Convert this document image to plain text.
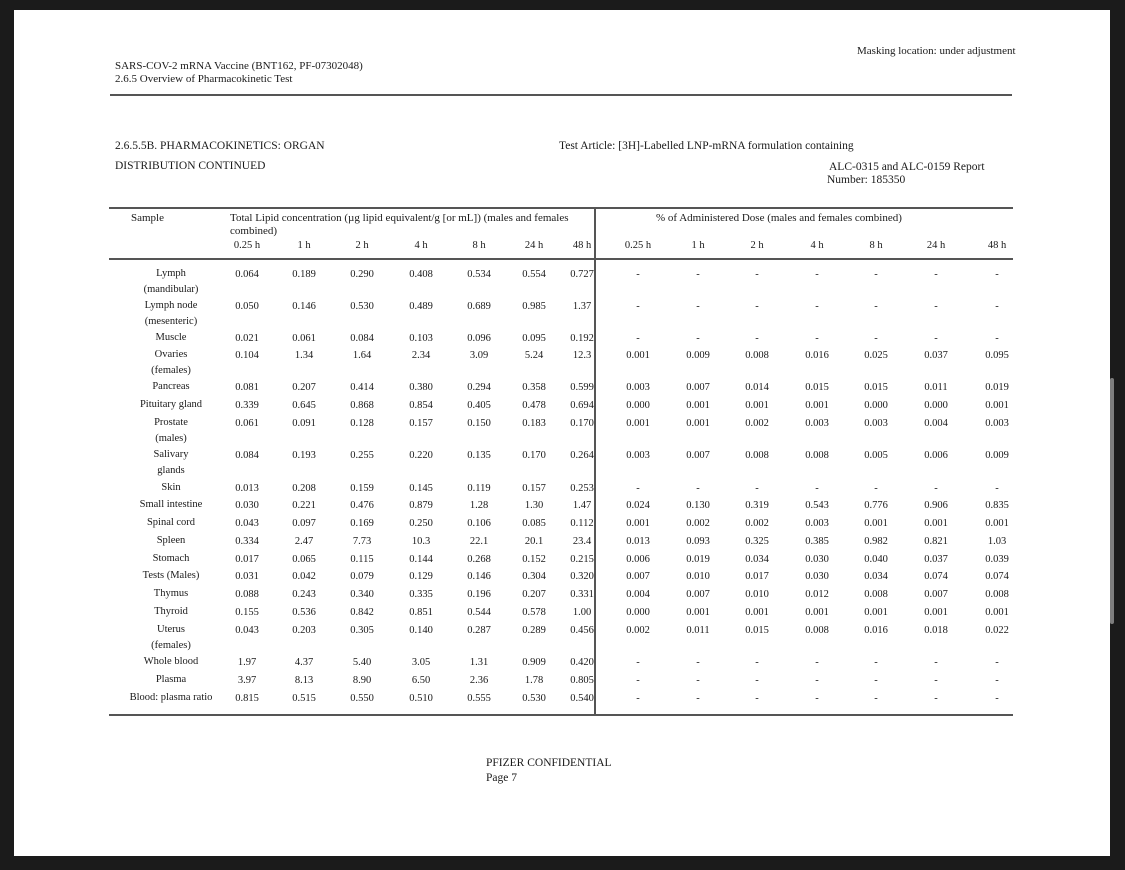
Masking location: under adjustment
SARS-COV-2 mRNA Vaccine (BNT162, PF-07302048)
2.6.5 Overview of Pharmacokinetic Test
2.6.5.5B. PHARMACOKINETICS: ORGAN
DISTRIBUTION CONTINUED
Test Article: [3H]-Labelled LNP-mRNA formulation containing
ALC-0315 and ALC-0159 Report
Number: 185350
Sample	Total Lipid concentration (µg lipid equivalent/g [or mL]) (males and females combined)
% of Administered Dose (males and females combined)
0.25 h	1 h	2 h	4 h	8 h	24 h	48 h	0.25 h	1 h	2 h	4 h	8 h	24 h	48 h
Lymph
(mandibular)
0.064	0.189	0.290	0.408	0.534	0.554	0.727	-	-	-	-	-	-	-
Lymph node
(mesenteric)
0.050	0.146	0.530	0.489	0.689	0.985	1.37	-	-	-	-	-	-	-
Muscle	0.021	0.061	0.084	0.103	0.096	0.095	0.192	-	-	-	-	-	-	-
Ovaries
(females)
0.104	1.34	1.64	2.34	3.09	5.24	12.3	0.001	0.009	0.008	0.016	0.025	0.037	0.095
Pancreas	0.081	0.207	0.414	0.380	0.294	0.358	0.599	0.003	0.007	0.014	0.015	0.015	0.011	0.019
Pituitary gland	0.339	0.645	0.868	0.854	0.405	0.478	0.694	0.000	0.001	0.001	0.001	0.000	0.000	0.001
Prostate
(males)
0.061	0.091	0.128	0.157	0.150	0.183	0.170	0.001	0.001	0.002	0.003	0.003	0.004	0.003
Salivary
glands
0.084	0.193	0.255	0.220	0.135	0.170	0.264	0.003	0.007	0.008	0.008	0.005	0.006	0.009
Skin	0.013	0.208	0.159	0.145	0.119	0.157	0.253	-	-	-	-	-	-	-
Small intestine	0.030	0.221	0.476	0.879	1.28	1.30	1.47	0.024	0.130	0.319	0.543	0.776	0.906	0.835
Spinal cord	0.043	0.097	0.169	0.250	0.106	0.085	0.112	0.001	0.002	0.002	0.003	0.001	0.001	0.001
Spleen	0.334	2.47	7.73	10.3	22.1	20.1	23.4	0.013	0.093	0.325	0.385	0.982	0.821	1.03
Stomach	0.017	0.065	0.115	0.144	0.268	0.152	0.215	0.006	0.019	0.034	0.030	0.040	0.037	0.039
Tests (Males)	0.031	0.042	0.079	0.129	0.146	0.304	0.320	0.007	0.010	0.017	0.030	0.034	0.074	0.074
Thymus	0.088	0.243	0.340	0.335	0.196	0.207	0.331	0.004	0.007	0.010	0.012	0.008	0.007	0.008
Thyroid	0.155	0.536	0.842	0.851	0.544	0.578	1.00	0.000	0.001	0.001	0.001	0.001	0.001	0.001
Uterus
(females)
0.043	0.203	0.305	0.140	0.287	0.289	0.456	0.002	0.011	0.015	0.008	0.016	0.018	0.022
Whole blood	1.97	4.37	5.40	3.05	1.31	0.909	0.420	-	-	-	-	-	-	-
Plasma	3.97	8.13	8.90	6.50	2.36	1.78	0.805	-	-	-	-	-	-	-
Blood: plasma ratio	0.815	0.515	0.550	0.510	0.555	0.530	0.540	-	-	-	-	-	-	-
PFIZER CONFIDENTIAL
Page 7
